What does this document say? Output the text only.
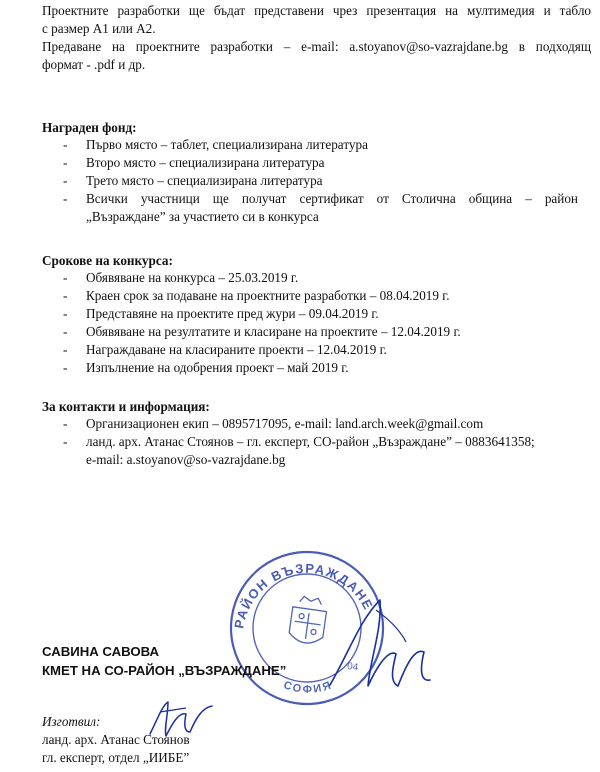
Проектните разработки ще бъдат представени чрез презентация на мултимедия и табло
с размер А1 или А2.
Предаване на проектните разработки – e-mail: a.stoyanov@so-vazrajdane.bg в подходящ
формат - .pdf и др.
Награден фонд:
- Първо място – таблет, специализирана литература
- Второ място – специализирана литература
- Трето място – специализирана литература
- Всички участници ще получат сертификат от Столична община – район
„Възраждане” за участието си в конкурса
Срокове на конкурса:
- Обявяване на конкурса – 25.03.2019 г.
- Краен срок за подаване на проектните разработки – 08.04.2019 г.
- Представяне на проектите пред жури – 09.04.2019 г.
- Обявяване на резултатите и класиране на проектите – 12.04.2019 г.
- Награждаване на класираните проекти – 12.04.2019 г.
- Изпълнение на одобрения проект – май 2019 г.
За контакти и информация:
- Организационен екип – 0895717095, e-mail: land.arch.week@gmail.com
- ланд. арх. Атанас Стоянов – гл. експерт, СО-район „Възраждане” – 0883641358;
e-mail: a.stoyanov@so-vazrajdane.bg
РАЙОН ВЪЗРАЖДАНЕ
СОФИЯ
04
САВИНА САВОВА
КМЕТ НА СО-РАЙОН „ВЪЗРАЖДАНЕ”
Изготвил:
ланд. арх. Атанас Стоянов
гл. експерт, отдел „ИИБЕ”
